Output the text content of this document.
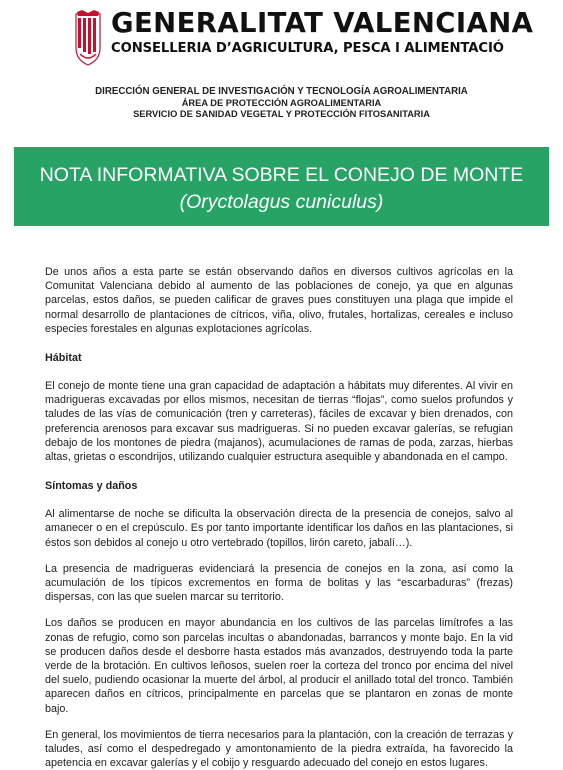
GENERALITAT VALENCIANA
CONSELLERIA D’AGRICULTURA, PESCA I ALIMENTACIÓ
DIRECCIÓN GENERAL DE INVESTIGACIÓN Y TECNOLOGÍA AGROALIMENTARIA
ÁREA DE PROTECCIÓN AGROALIMENTARIA
SERVICIO DE SANIDAD VEGETAL Y PROTECCIÓN FITOSANITARIA
NOTA INFORMATIVA SOBRE EL CONEJO DE MONTE
(Oryctolagus cuniculus)

De unos años a esta parte se están observando daños en diversos cultivos agrícolas en la Comunitat Valenciana debido al aumento de las poblaciones de conejo, ya que en algunas parcelas, estos daños, se pueden calificar de graves pues constituyen una plaga que impide el normal desarrollo de plantaciones de cítricos, viña, olivo, frutales, hortalizas, cereales e incluso especies forestales en algunas explotaciones agrícolas.

Hábitat

El conejo de monte tiene una gran capacidad de adaptación a hábitats muy diferentes. Al vivir en madrigueras excavadas por ellos mismos, necesitan de tierras “flojas”, como suelos profundos y taludes de las vías de comunicación (tren y carreteras), fáciles de excavar y bien drenados, con preferencia arenosos para excavar sus madrigueras. Si no pueden excavar galerías, se refugian debajo de los montones de piedra (majanos), acumulaciones de ramas de poda, zarzas, hierbas altas, grietas o escondrijos, utilizando cualquier estructura asequible y abandonada en el campo.

Síntomas y daños

Al alimentarse de noche se dificulta la observación directa de la presencia de conejos, salvo al amanecer o en el crepúsculo. Es por tanto importante identificar los daños en las plantaciones, si éstos son debidos al conejo u otro vertebrado (topillos, lirón careto, jabalí…).

La presencia de madrigueras evidenciará la presencia de conejos en la zona, así como la acumulación de los típicos excrementos en forma de bolitas y las “escarbaduras” (frezas) dispersas, con las que suelen marcar su territorio.

Los daños se producen en mayor abundancia en los cultivos de las parcelas limítrofes a las zonas de refugio, como son parcelas incultas o abandonadas, barrancos y monte bajo. En la vid se producen daños desde el desborre hasta estados más avanzados, destruyendo toda la parte verde de la brotación. En cultivos leñosos, suelen roer la corteza del tronco por encima del nivel del suelo, pudiendo ocasionar la muerte del árbol, al producir el anillado total del tronco. También aparecen daños en cítricos, principalmente en parcelas que se plantaron en zonas de monte bajo.

En general, los movimientos de tierra necesarios para la plantación, con la creación de terrazas y taludes, así como el despedregado y amontonamiento de la piedra extraída, ha favorecido la apetencia en excavar galerías y el cobijo y resguardo adecuado del conejo en estos lugares.
